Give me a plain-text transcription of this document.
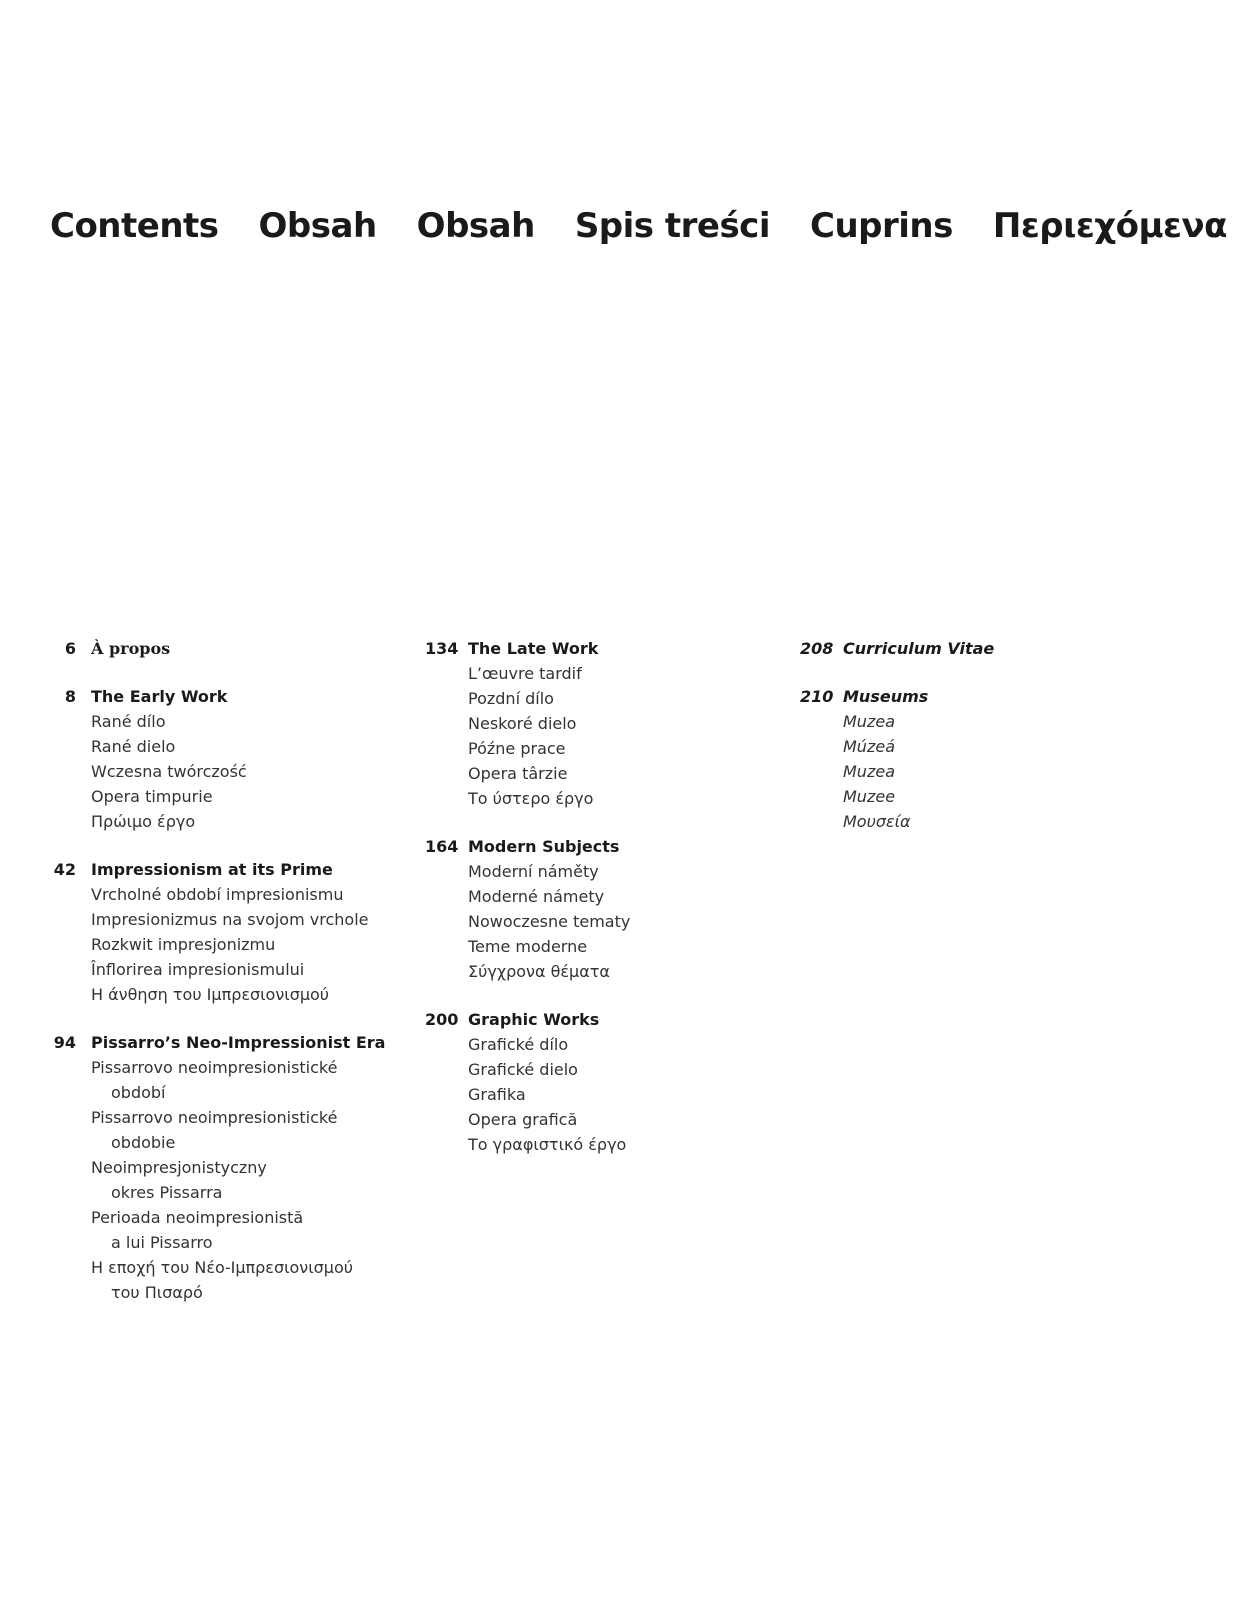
Contents Obsah Obsah Spis treści Cuprins Περιεχόμενα
6 À propos
8 The Early Work
Rané dílo
Rané dielo
Wczesna twórczość
Opera timpurie
Πρώιμο έργο
42 Impressionism at its Prime
Vrcholné období impresionismu
Impresionizmus na svojom vrchole
Rozkwit impresjonizmu
Înflorirea impresionismului
Η άνθηση του Ιμπρεσιονισμού
94 Pissarro’s Neo-Impressionist Era
Pissarrovo neoimpresionistické
období
Pissarrovo neoimpresionistické
obdobie
Neoimpresjonistyczny
okres Pissarra
Perioada neoimpresionistă
a lui Pissarro
Η εποχή του Νέο-Ιμπρεσιονισμού
του Πισαρό
134 The Late Work
L’œuvre tardif
Pozdní dílo
Neskoré dielo
Późne prace
Opera târzie
Το ύστερο έργο
164 Modern Subjects
Moderní náměty
Moderné námety
Nowoczesne tematy
Teme moderne
Σύγχρονα θέματα
200 Graphic Works
Grafické dílo
Grafické dielo
Grafika
Opera grafică
Το γραφιστικό έργο
208 Curriculum Vitae
210 Museums
Muzea
Múzeá
Muzea
Muzee
Μουσεία
